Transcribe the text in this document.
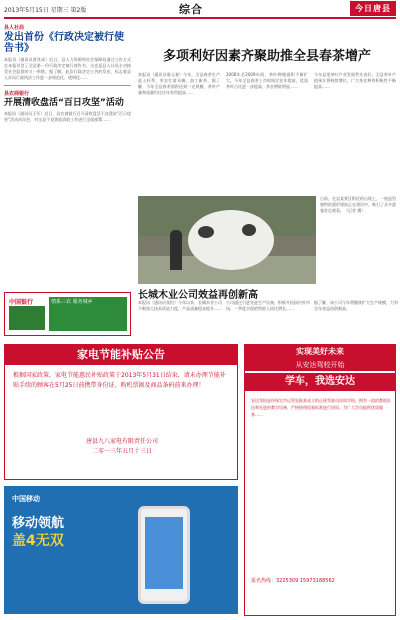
2013年5月15日 星期三 第2版	综合	今日唐县
县人社局
发出首份《行政决定被行使告书》
本报讯（通讯员贾兆成）近日，县人力资源和社会保障局通过公告方式在本报刊登了全县第一份行政决定被行使告书，这也是县人社局主动接受社会监督的又一举措。据了解，此次行政决定公告的发布，标志着县人社局行政执法工作进一步规范化、透明化……
县农商银行
开展清收盘活“百日攻坚”活动
本报讯（通讯员王军）近日，县农商银行召开清收盘活不良贷款“百日攻坚”活动动员会，对全县不良贷款清收工作进行全面部署……
中国银行	情系三农 服务城乡
多项利好因素齐聚助推全县春茶增产
本报讯（通讯员耿元春）今年，全县春茶生产进入旺季，茶农忙着采摘、加工新茶。据了解，今年全县春茶面积达到一定规模，茶叶产量和质量均比往年有所提高……
2008年至2009年间，茶叶种植面积不断扩大。今年全县春茶上市时间比往年提前，优质茶叶占比进一步提高，茶农增收明显……
今年县里茶叶产业发展势头良好，全县茶叶产值预计将持续增长，广大茶农种茶积极性不断提高……
日前，在县某景区附近的山坡上，一座造型独特的蛋形建筑正在建设中，吸引了众多游客驻足观看。（记者 摄）
长城木业公司效益再创新高
本报讯（通讯员张恒）今年以来，长城木业公司不断加大技术改造力度，产品质量稳步提升……
公司通过引进先进生产设备，积极开拓国内外市场，一季度实现销售收入同比增长……
据了解，该公司今年将继续扩大生产规模，力争全年效益再创新高。
家电节能补贴公告
根据国家政策，家电节能惠民补贴政策于2013年5月31日结束，请未办理节能补贴手续的顾客在5月25日前携带身份证、购机票据及商品条码前来办理！
唐县九八家电有限责任公司
二零一三年五月十三日
中国移动
移动领航
盖4无双
实现美好未来
从安达驾校开始
学车，我选安达
安达驾校是经保定市运管处批准成立的正规驾驶员培训学校，拥有一流的教练队伍和先进的教学设备，严格按照国家标准进行培训，为广大学员提供优质服务……
报名热线：3225309 15973188562
